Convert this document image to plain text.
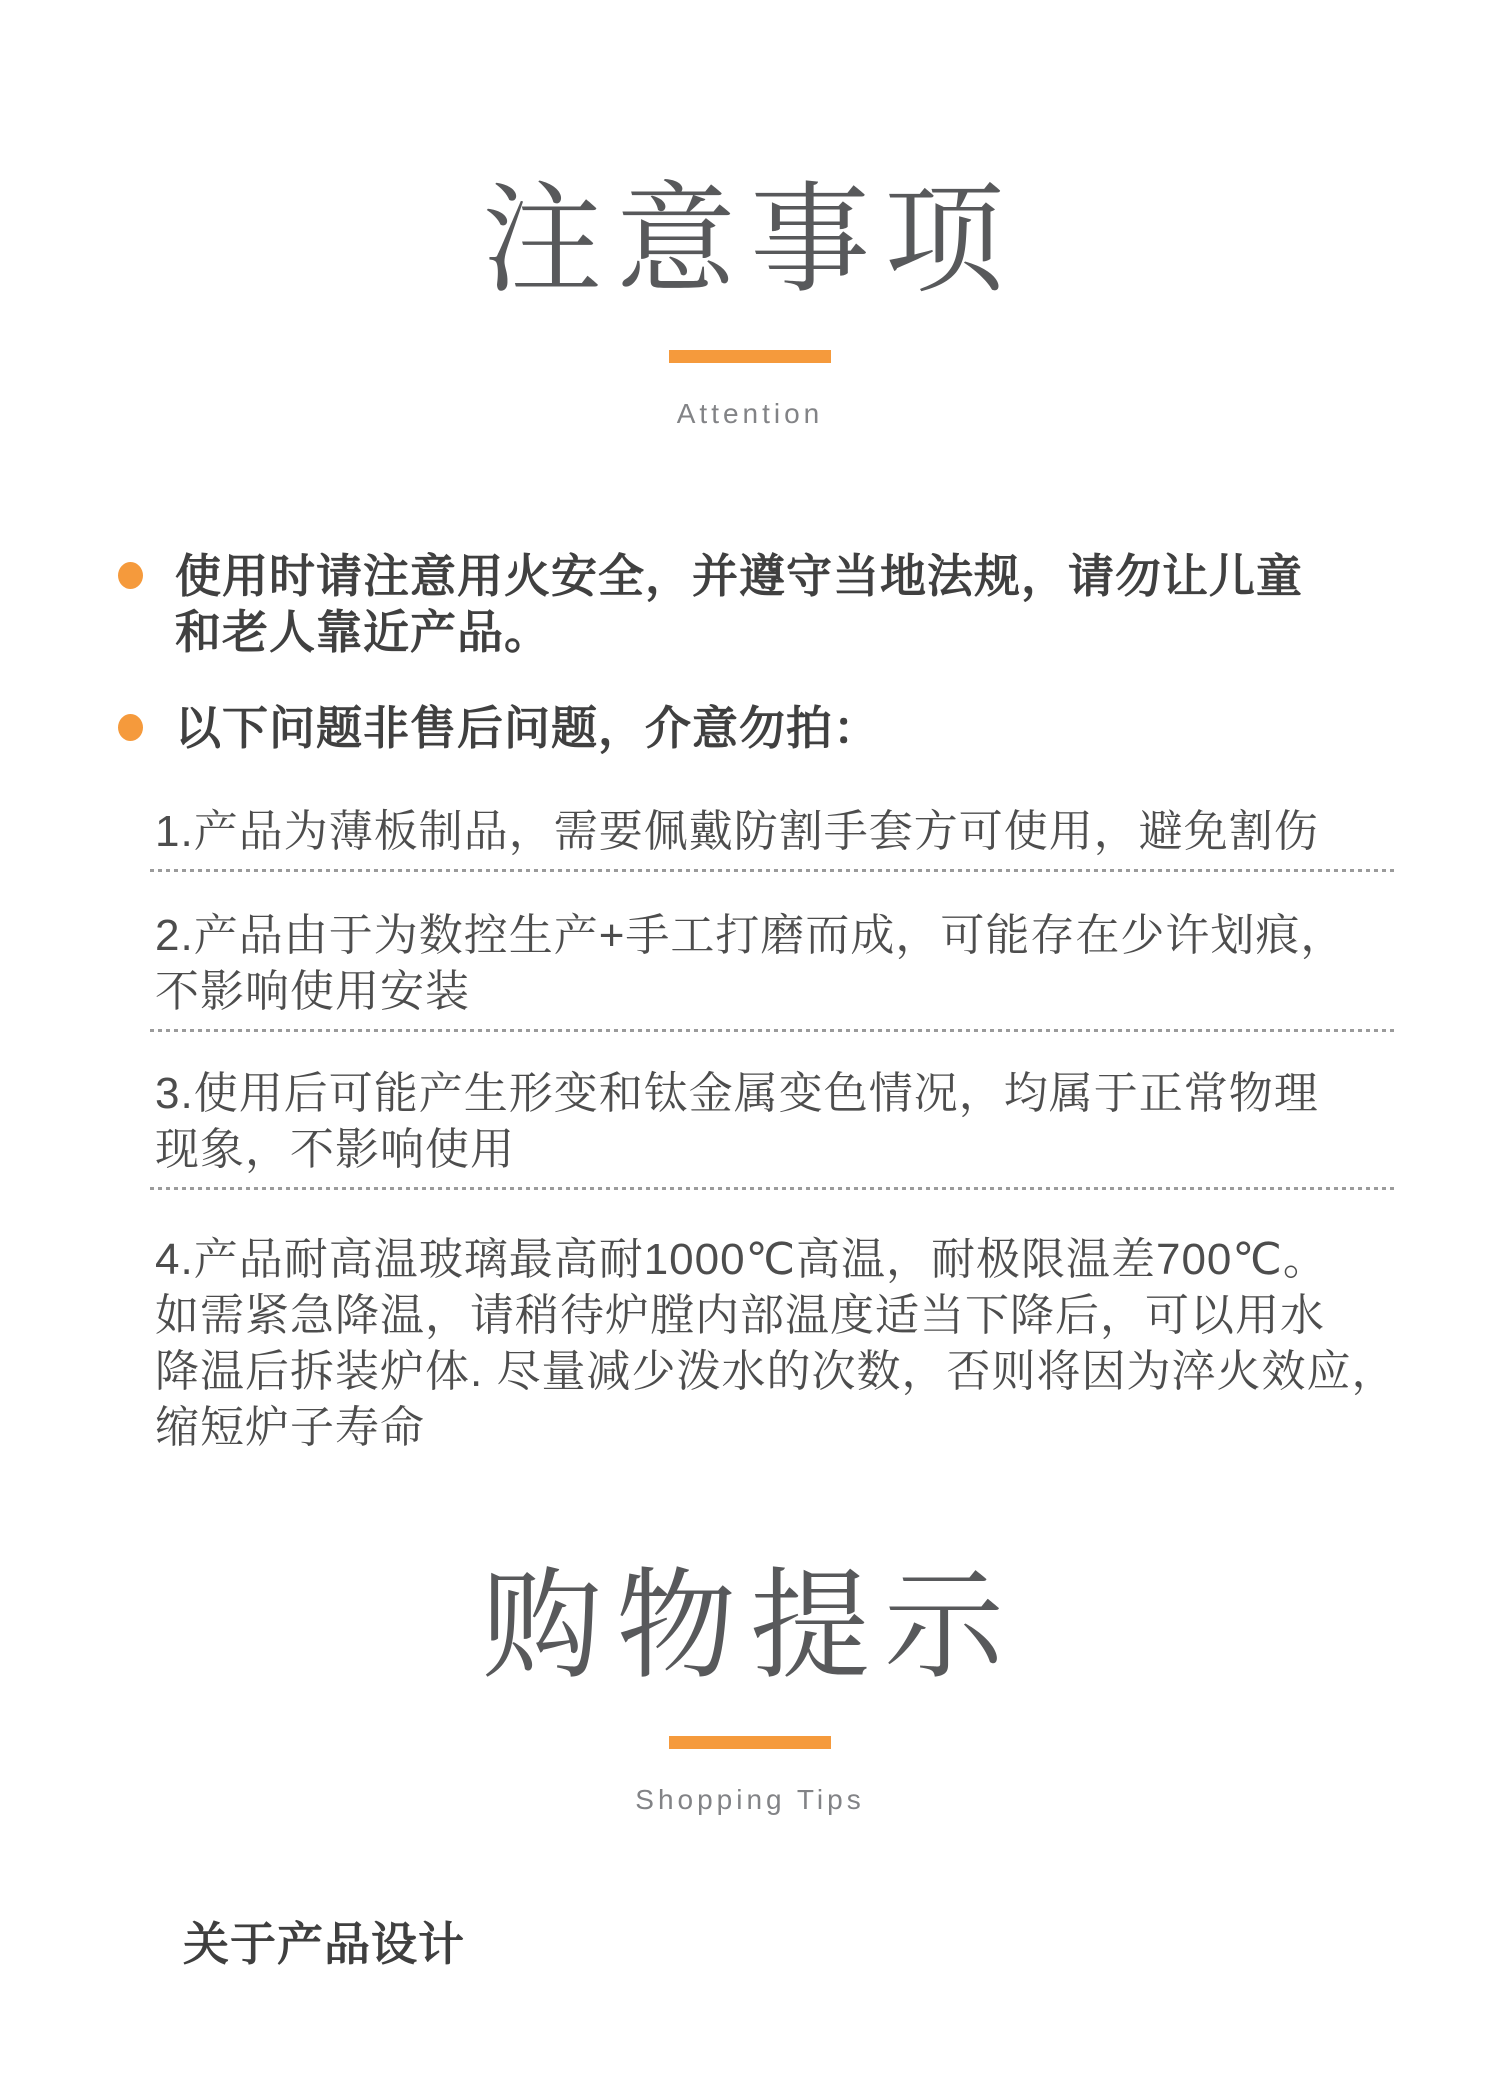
注意事项
Attention
使用时请注意用火安全，并遵守当地法规，请勿让儿童
和老人靠近产品。
以下问题非售后问题，介意勿拍：
1.产品为薄板制品，需要佩戴防割手套方可使用，避免割伤
2.产品由于为数控生产+手工打磨而成，可能存在少许划痕，
不影响使用安装
3.使用后可能产生形变和钛金属变色情况，均属于正常物理
现象，不影响使用
4.产品耐高温玻璃最高耐1000℃高温，耐极限温差700℃。
如需紧急降温，请稍待炉膛内部温度适当下降后，可以用水
降温后拆装炉体. 尽量减少泼水的次数，否则将因为淬火效应，
缩短炉子寿命
购物提示
Shopping Tips
关于产品设计
